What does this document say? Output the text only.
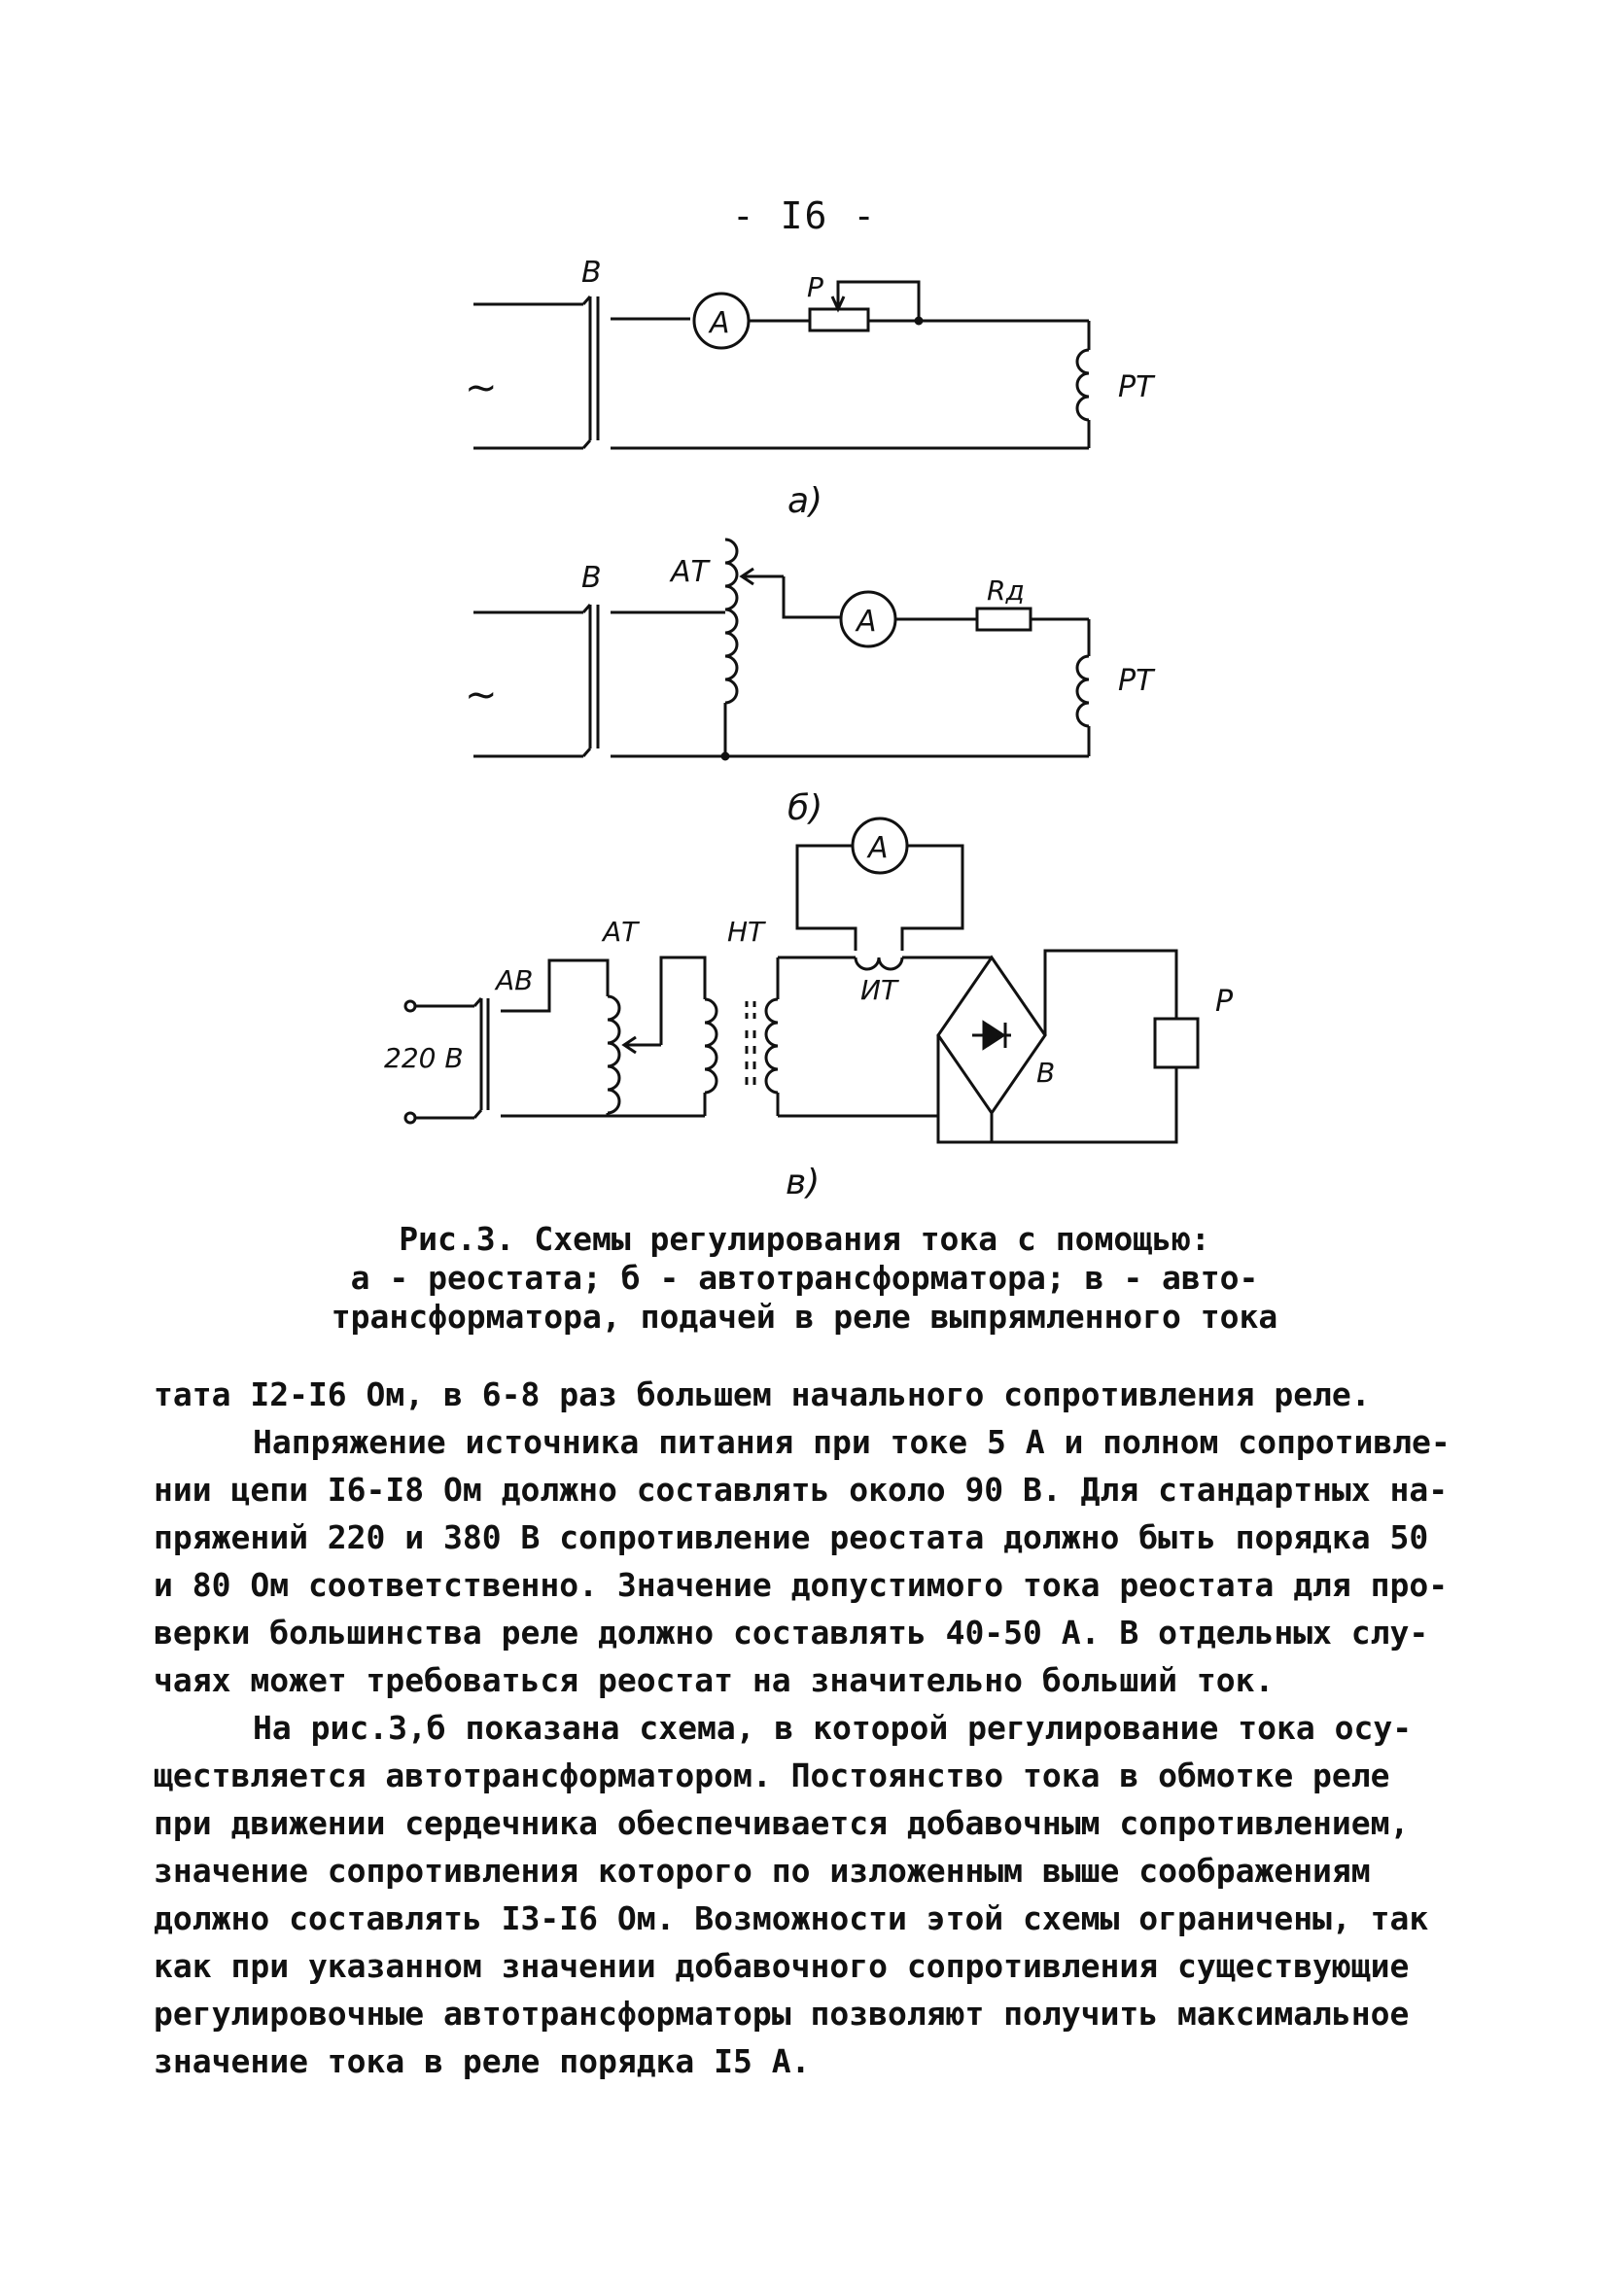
- I6 -
~
В
А
Р
РТ
а)
~
В АТ
А
Rд
РТ
б)
220 В
АВ
АТ	НТ
ИТ
А
В
Р
в)
Рис.3. Схемы регулирования тока с помощью:
а - реостата; б - автотрансформатора; в - авто-
трансформатора, подачей в реле выпрямленного тока
тата I2-I6 Ом, в 6-8 раз большем начального сопротивления реле.
Напряжение источника питания при токе 5 А и полном сопротивле-
нии цепи I6-I8 Ом должно составлять около 90 В. Для стандартных на-
пряжений 220 и 380 В сопротивление реостата должно быть порядка 50
и 80 Ом соответственно. Значение допустимого тока реостата для про-
верки большинства реле должно составлять 40-50 А. В отдельных слу-
чаях может требоваться реостат на значительно больший ток.
На рис.3,б показана схема, в которой регулирование тока осу-
ществляется автотрансформатором. Постоянство тока в обмотке реле
при движении сердечника обеспечивается добавочным сопротивлением,
значение сопротивления которого по изложенным выше соображениям
должно составлять I3-I6 Ом. Возможности этой схемы ограничены, так
как при указанном значении добавочного сопротивления существующие
регулировочные автотрансформаторы позволяют получить максимальное
значение тока в реле порядка I5 А.
